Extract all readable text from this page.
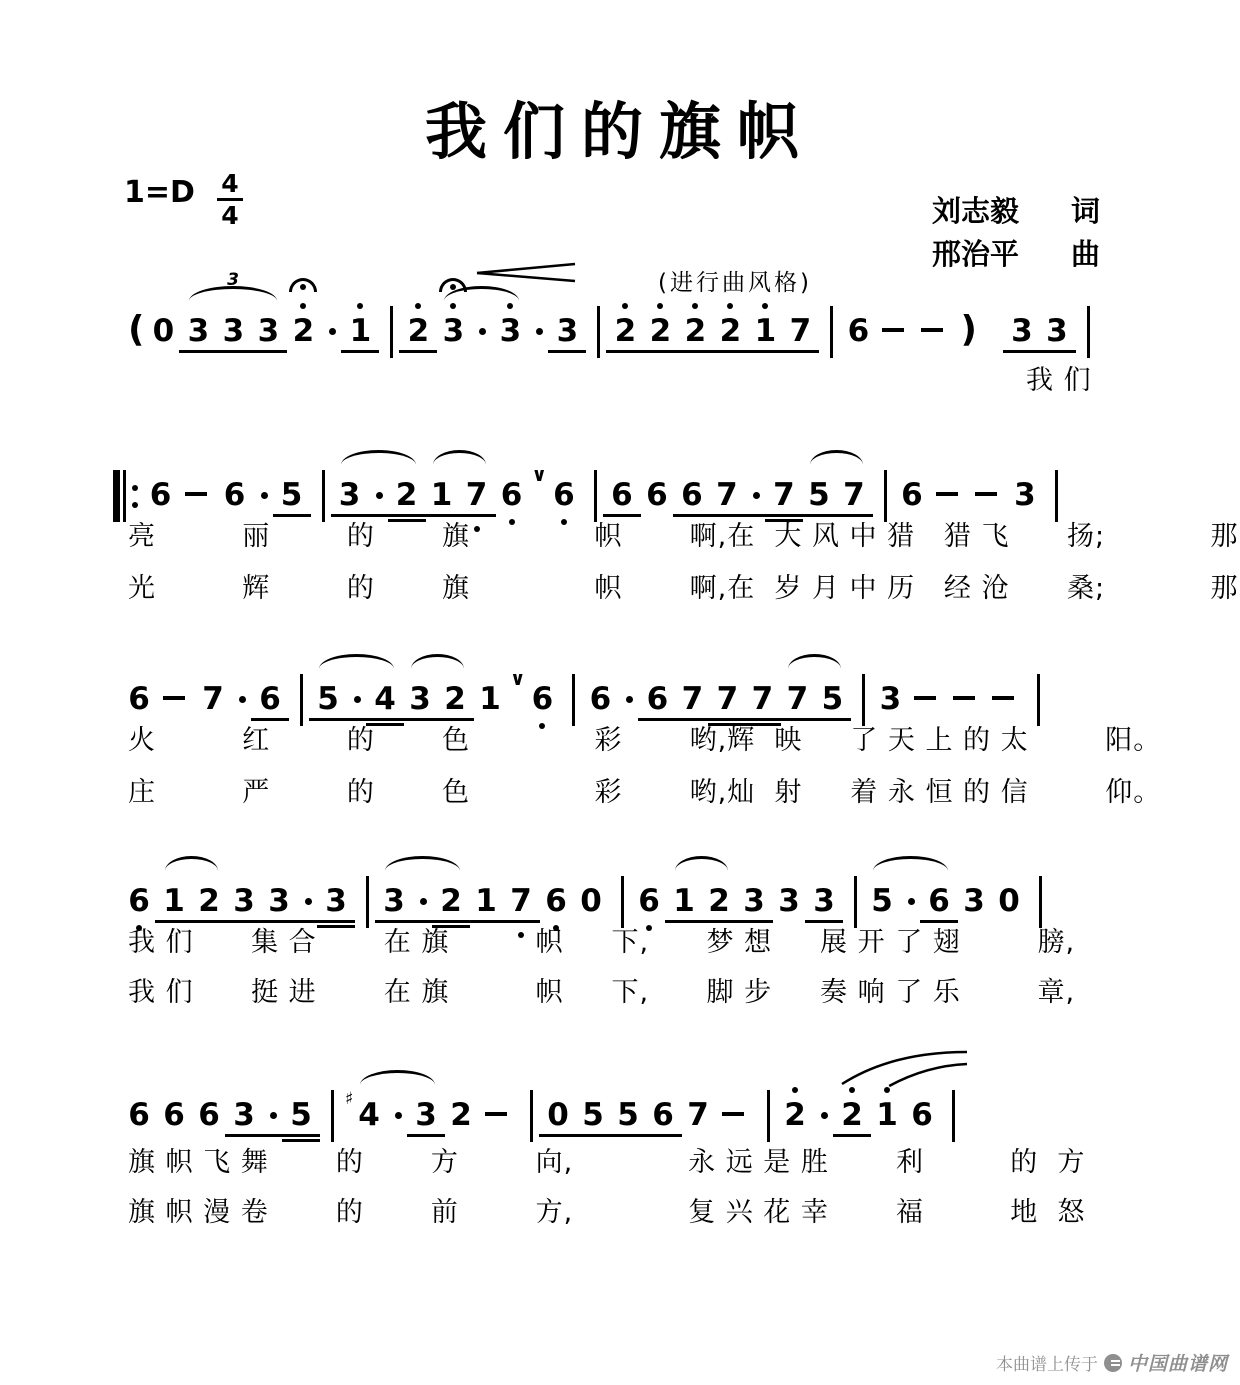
我们的旗帜
$1=D \frac{4}{4}$	刘志毅 词
邢治平 曲
(进行曲风格)
( 0 3 3 3 2 1 2 3 3 3 2 2 2 2 1 7 6	) 3 3
3
我 们
6 6 5 3 2 1 7 6
∨
6 6 6 6 7 7 5 7 6	3
亮         丽        的       旗             帜       啊,在  大 风 中 猎   猎 飞      扬;           那
光         辉        的       旗             帜       啊,在  岁 月 中 历   经 沧      桑;           那
6 7 6 5 4 3 2 1
∨
6 6 6 7 7 7 7 5 3
火         红        的       色             彩       哟,辉  映     了 天 上 的 太        阳。
庄         严        的       色             彩       哟,灿  射     着 永 恒 的 信        仰。
6 1 2 3 3 3 3 2 1 7 6 0 6 1 2 3 3 3 5 6 3 0
我 们      集 合       在 旗         帜     下,      梦 想     展 开 了 翅        膀,
我 们      挺 进       在 旗         帜     下,      脚 步     奏 响 了 乐        章,
6 6 6 3 5 ♯ 4 3 2 0 5 5 6 7 2 2 1 6
旗 帜 飞 舞       的       方        向,            永 远 是 胜       利         的  方
旗 帜 漫 卷       的       前        方,            复 兴 花 幸       福         地  怒
本曲谱上传于 中国曲谱网
